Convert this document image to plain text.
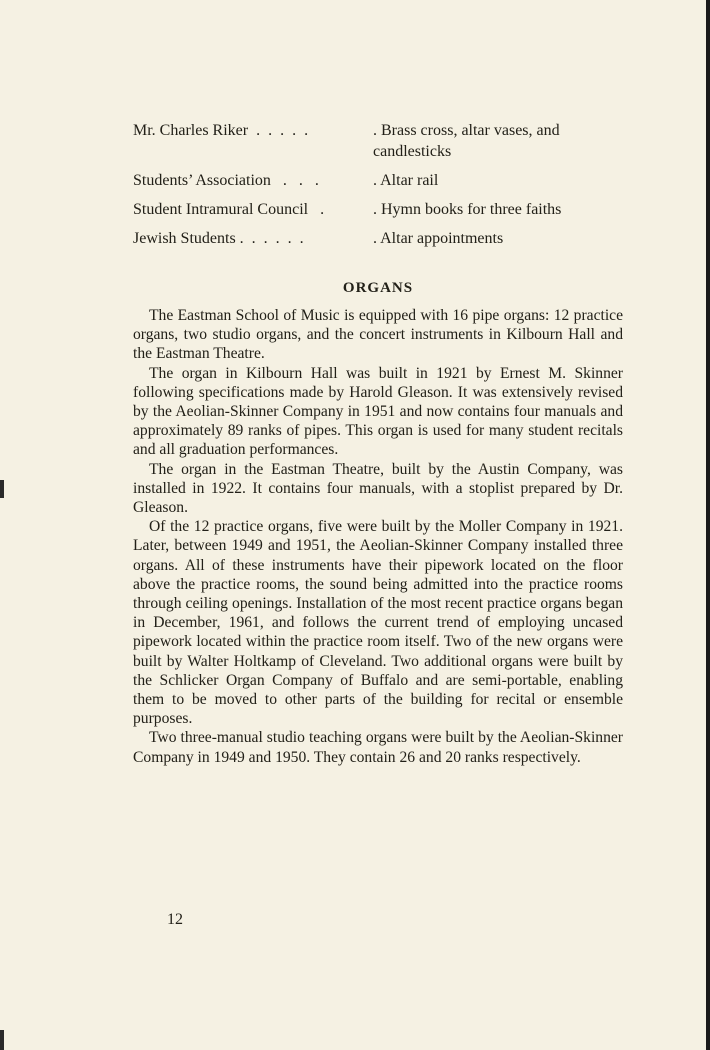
Mr. Charles Riker  .  .  .  .  .	. Brass cross, altar vases, and
candlesticks
Students’ Association   .   .   .	. Altar rail
Student Intramural Council   .	. Hymn books for three faiths
Jewish Students .  .  .  .  .  .	. Altar appointments
ORGANS

The Eastman School of Music is equipped with 16 pipe organs: 12 practice organs, two studio organs, and the concert instruments in Kilbourn Hall and the Eastman Theatre.

The organ in Kilbourn Hall was built in 1921 by Ernest M. Skinner following specifications made by Harold Gleason. It was extensively revised by the Aeolian-Skinner Company in 1951 and now contains four manuals and approximately 89 ranks of pipes. This organ is used for many student recitals and all graduation performances.

The organ in the Eastman Theatre, built by the Austin Company, was installed in 1922. It contains four manuals, with a stoplist prepared by Dr. Gleason.

Of the 12 practice organs, five were built by the Moller Company in 1921. Later, between 1949 and 1951, the Aeolian-Skinner Company installed three organs. All of these instruments have their pipework located on the floor above the practice rooms, the sound being admitted into the practice rooms through ceiling openings. Installation of the most recent practice organs began in December, 1961, and follows the current trend of employing uncased pipework located within the practice room itself. Two of the new organs were built by Walter Holtkamp of Cleveland. Two additional organs were built by the Schlicker Organ Company of Buffalo and are semi-portable, enabling them to be moved to other parts of the building for recital or ensemble purposes.

Two three-manual studio teaching organs were built by the Aeolian-Skinner Company in 1949 and 1950. They contain 26 and 20 ranks respectively.

12
